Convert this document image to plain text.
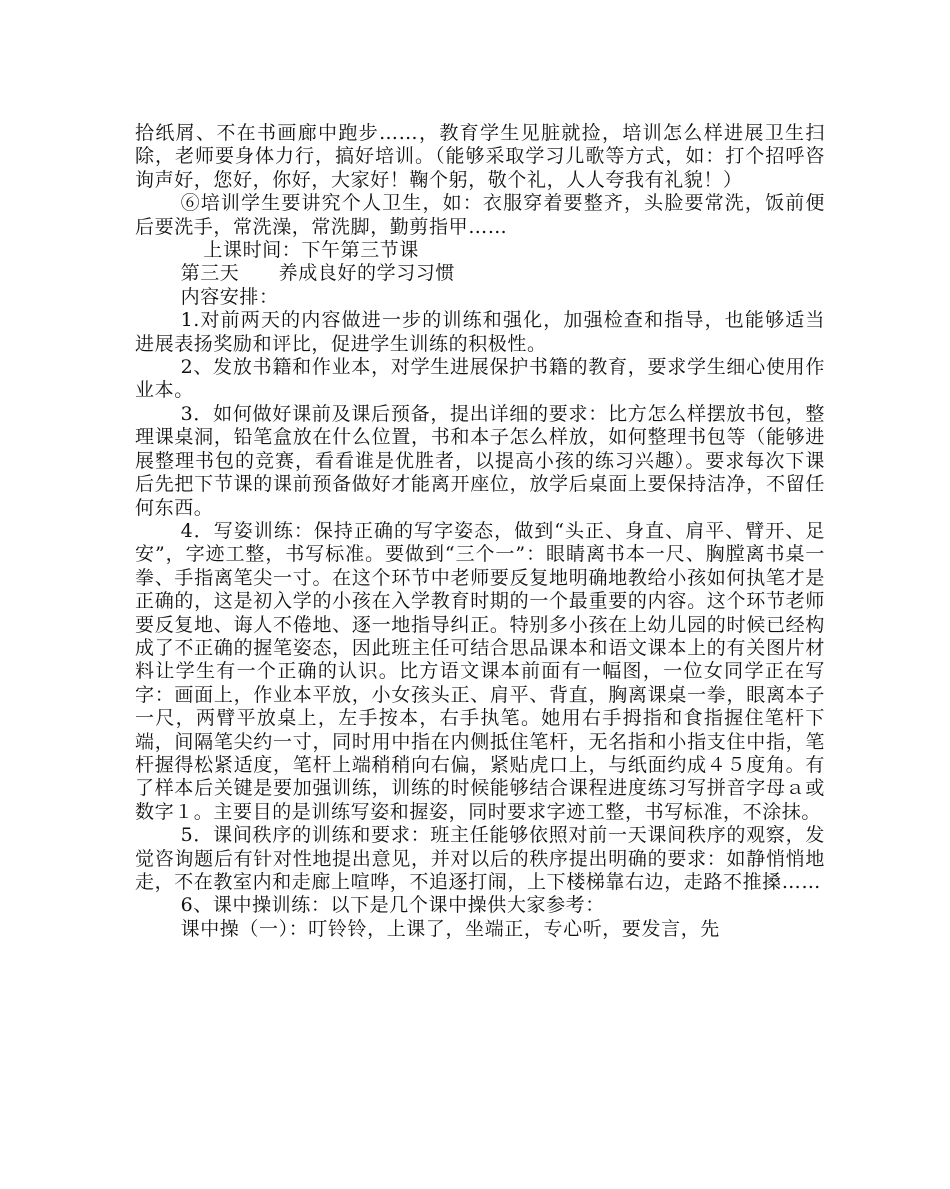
拾纸屑、不在书画廊中跑步……，教育学生见脏就捡，培训怎么样进展卫生扫除，老师要身体力行，搞好培训。（能够采取学习儿歌等方式，如：打个招呼咨询声好，您好，你好，大家好！鞠个躬，敬个礼，人人夸我有礼貌！）

⑥培训学生要讲究个人卫生，如：衣服穿着要整齐，头脸要常洗，饭前便后要洗手，常洗澡，常洗脚，勤剪指甲……

上课时间：下午第三节课

第三天　　养成良好的学习习惯

内容安排：

1.对前两天的内容做进一步的训练和强化，加强检查和指导，也能够适当进展表扬奖励和评比，促进学生训练的积极性。

2、发放书籍和作业本，对学生进展保护书籍的教育，要求学生细心使用作业本。

3．如何做好课前及课后预备，提出详细的要求：比方怎么样摆放书包，整理课桌洞，铅笔盒放在什么位置，书和本子怎么样放，如何整理书包等（能够进展整理书包的竞赛，看看谁是优胜者，以提高小孩的练习兴趣）。要求每次下课后先把下节课的课前预备做好才能离开座位，放学后桌面上要保持洁净，不留任何东西。

4．写姿训练：保持正确的写字姿态，做到“头正、身直、肩平、臂开、足安”，字迹工整，书写标准。要做到“三个一”：眼睛离书本一尺、胸膛离书桌一拳、手指离笔尖一寸。在这个环节中老师要反复地明确地教给小孩如何执笔才是正确的，这是初入学的小孩在入学教育时期的一个最重要的内容。这个环节老师要反复地、诲人不倦地、逐一地指导纠正。特别多小孩在上幼儿园的时候已经构成了不正确的握笔姿态，因此班主任可结合思品课本和语文课本上的有关图片材料让学生有一个正确的认识。比方语文课本前面有一幅图，一位女同学正在写字：画面上，作业本平放，小女孩头正、肩平、背直，胸离课桌一拳，眼离本子一尺，两臂平放桌上，左手按本，右手执笔。她用右手拇指和食指握住笔杆下端，间隔笔尖约一寸，同时用中指在内侧抵住笔杆，无名指和小指支住中指，笔杆握得松紧适度，笔杆上端稍稍向右偏，紧贴虎口上，与纸面约成４５度角。有了样本后关键是要加强训练，训练的时候能够结合课程进度练习写拼音字母ａ或数字１。主要目的是训练写姿和握姿，同时要求字迹工整，书写标准，不涂抹。

5．课间秩序的训练和要求：班主任能够依照对前一天课间秩序的观察，发觉咨询题后有针对性地提出意见，并对以后的秩序提出明确的要求：如静悄悄地走，不在教室内和走廊上喧哗，不追逐打闹，上下楼梯靠右边，走路不推搡……

6、课中操训练：以下是几个课中操供大家参考：

课中操（一）：叮铃铃，上课了，坐端正，专心听，要发言，先
